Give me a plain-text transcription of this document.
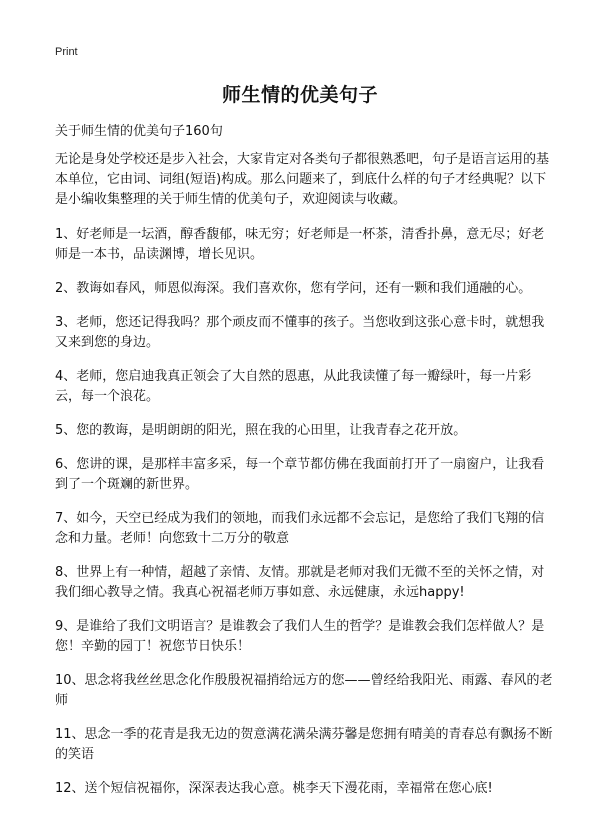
Print
师生情的优美句子
关于师生情的优美句子160句

无论是身处学校还是步入社会，大家肯定对各类句子都很熟悉吧，句子是语言运用的基本单位，它由词、词组(短语)构成。那么问题来了，到底什么样的句子才经典呢？以下是小编收集整理的关于师生情的优美句子，欢迎阅读与收藏。

1、好老师是一坛酒，醇香馥郁，味无穷；好老师是一杯茶，清香扑鼻，意无尽；好老师是一本书，品读渊博，增长见识。

2、教诲如春风，师恩似海深。我们喜欢你，您有学问，还有一颗和我们通融的心。

3、老师，您还记得我吗？那个顽皮而不懂事的孩子。当您收到这张心意卡时，就想我又来到您的身边。

4、老师，您启迪我真正领会了大自然的恩惠，从此我读懂了每一瓣绿叶，每一片彩云，每一个浪花。

5、您的教诲，是明朗朗的阳光，照在我的心田里，让我青春之花开放。

6、您讲的课，是那样丰富多采，每一个章节都仿佛在我面前打开了一扇窗户，让我看到了一个斑斓的新世界。

7、如今，天空已经成为我们的领地，而我们永远都不会忘记，是您给了我们飞翔的信念和力量。老师！向您致十二万分的敬意

8、世界上有一种情，超越了亲情、友情。那就是老师对我们无微不至的关怀之情，对我们细心教导之情。我真心祝福老师万事如意、永远健康，永远happy!

9、是谁给了我们文明语言？是谁教会了我们人生的哲学？是谁教会我们怎样做人？是您！辛勤的园丁！祝您节日快乐！

10、思念将我丝丝思念化作殷殷祝福捎给远方的您——曾经给我阳光、雨露、春风的老师

11、思念一季的花青是我无边的贺意满花满朵满芬馨是您拥有晴美的青春总有飘扬不断的笑语

12、送个短信祝福你，深深表达我心意。桃李天下漫花雨，幸福常在您心底!
